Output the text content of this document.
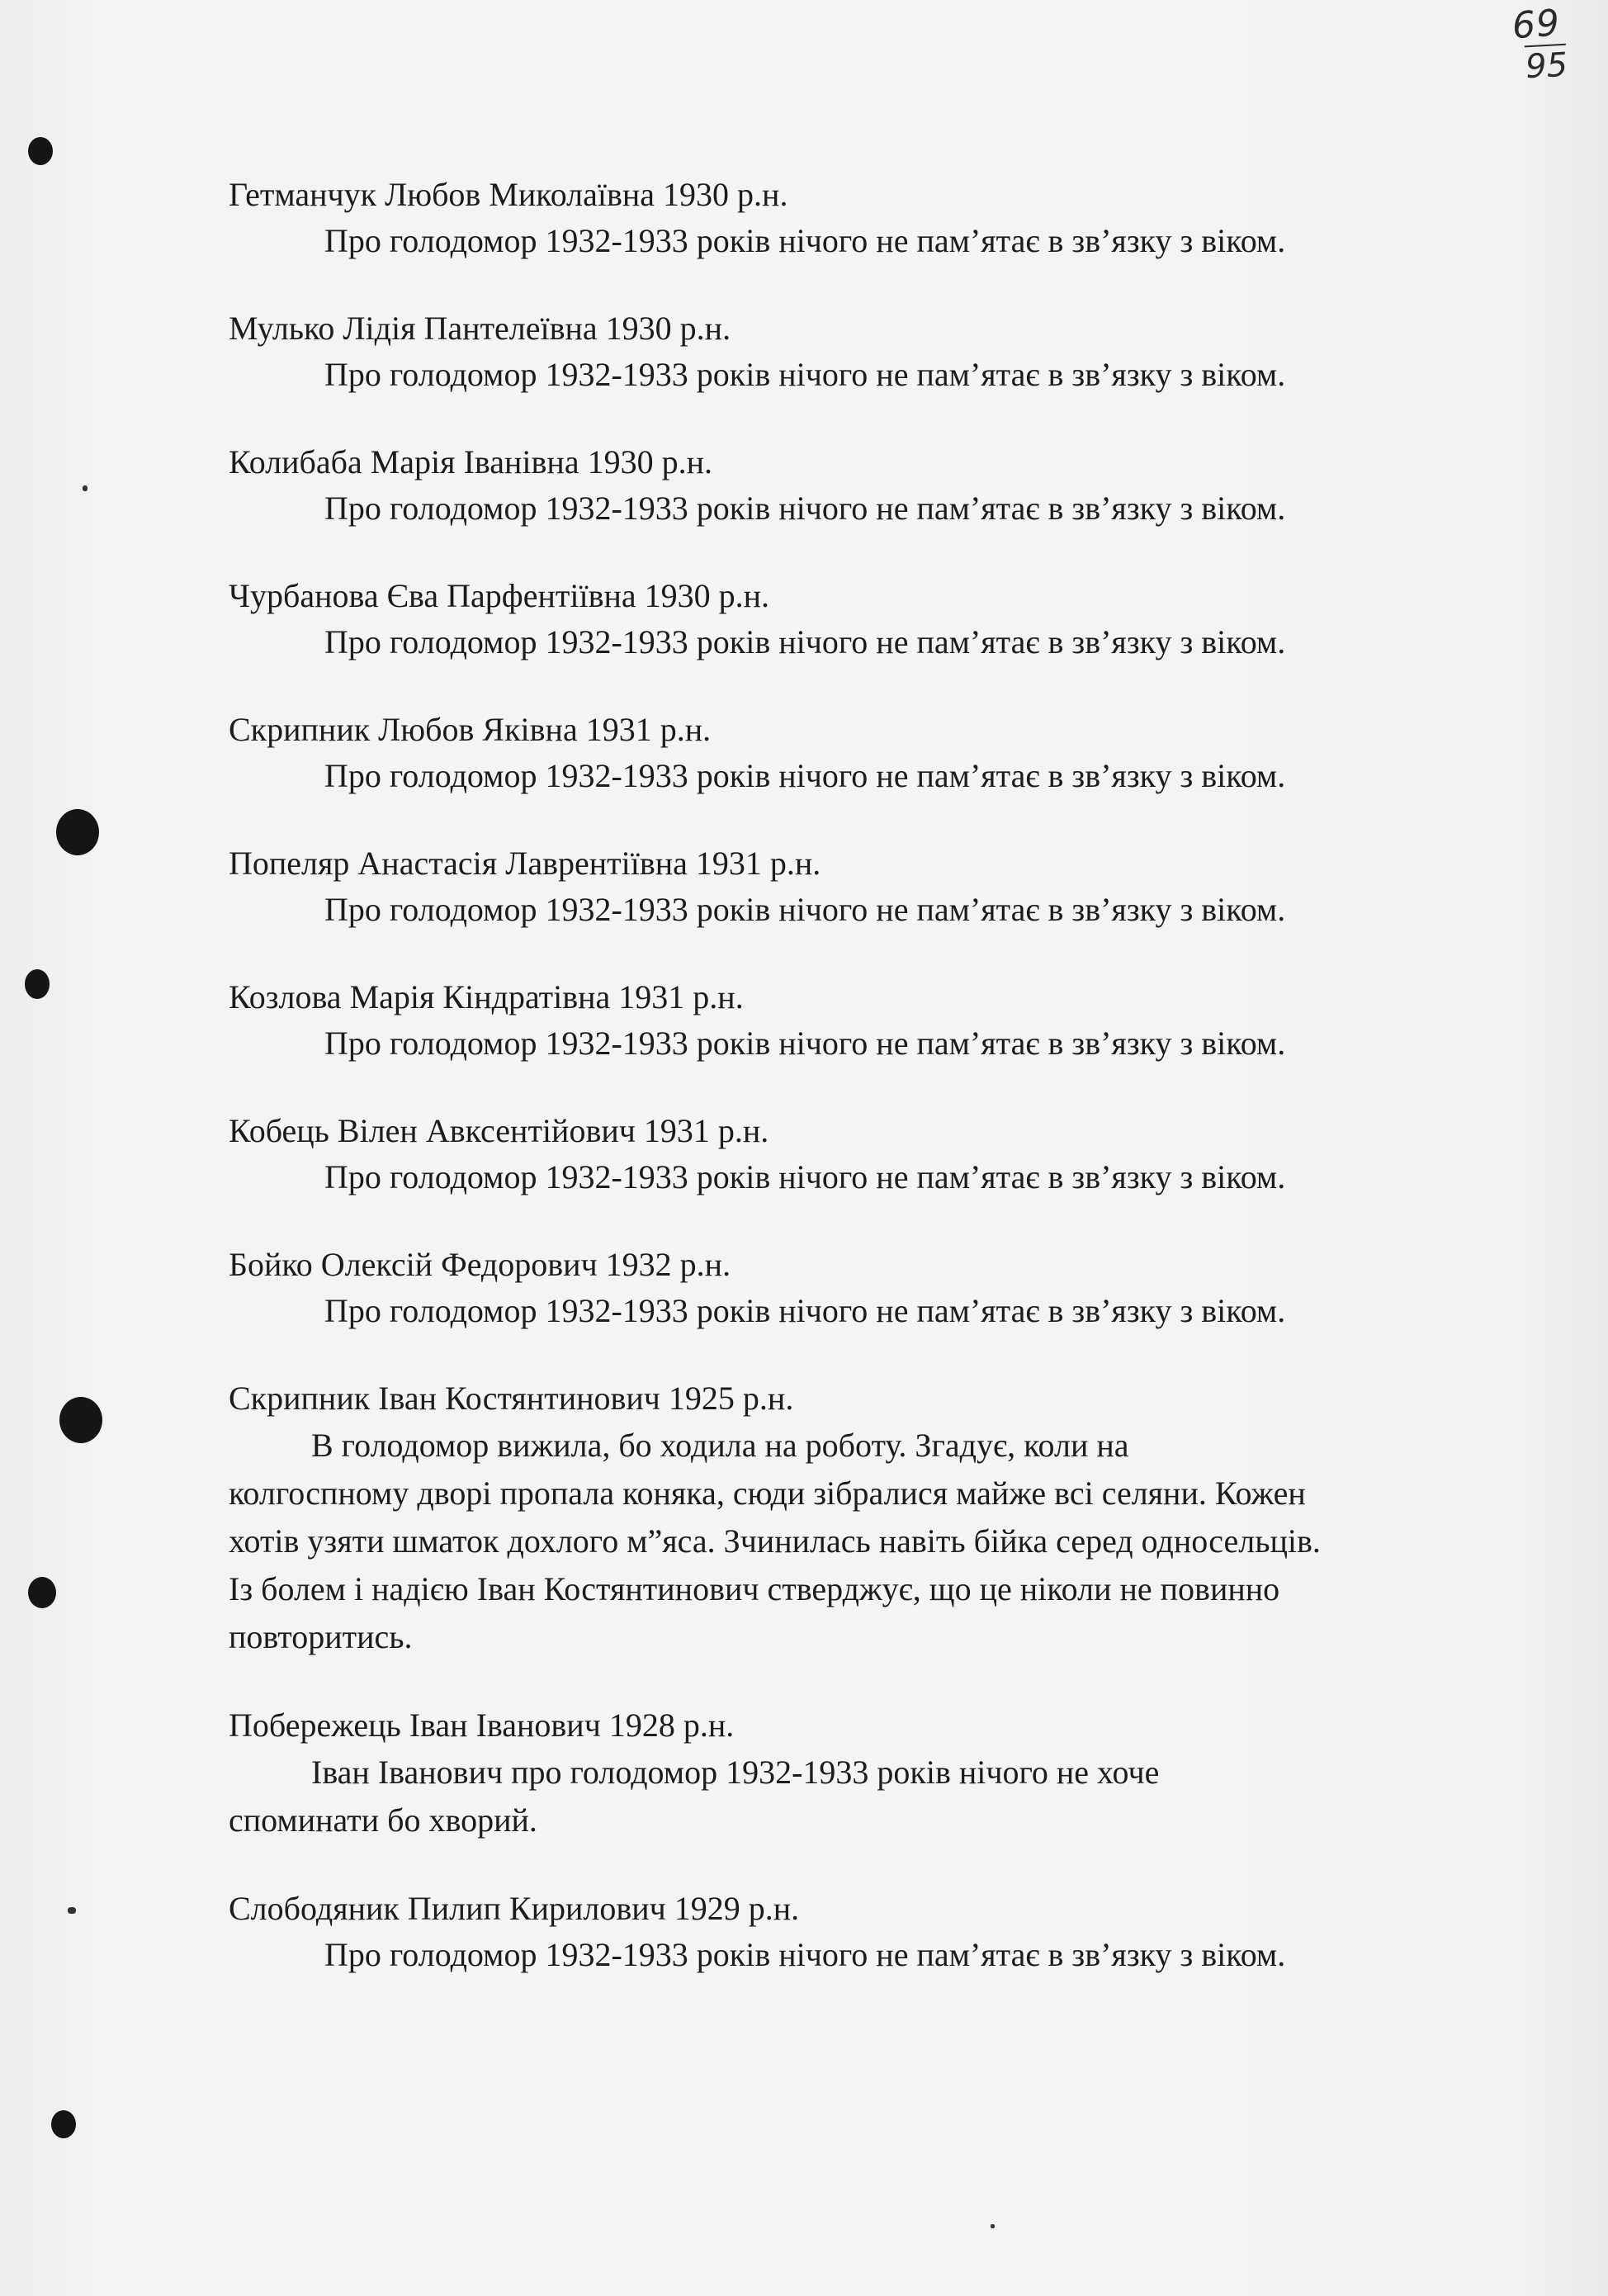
69
95
Гетманчук Любов Миколаївна 1930 р.н.
Про голодомор 1932-1933 років нічого не пам’ятає в зв’язку з віком.
Мулько Лідія Пантелеївна 1930 р.н.
Про голодомор 1932-1933 років нічого не пам’ятає в зв’язку з віком.
Колибаба Марія Іванівна 1930 р.н.
Про голодомор 1932-1933 років нічого не пам’ятає в зв’язку з віком.
Чурбанова Єва Парфентіївна 1930 р.н.
Про голодомор 1932-1933 років нічого не пам’ятає в зв’язку з віком.
Скрипник Любов Яківна 1931 р.н.
Про голодомор 1932-1933 років нічого не пам’ятає в зв’язку з віком.
Попеляр Анастасія Лаврентіївна 1931 р.н.
Про голодомор 1932-1933 років нічого не пам’ятає в зв’язку з віком.
Козлова Марія Кіндратівна 1931 р.н.
Про голодомор 1932-1933 років нічого не пам’ятає в зв’язку з віком.
Кобець Вілен Авксентійович 1931 р.н.
Про голодомор 1932-1933 років нічого не пам’ятає в зв’язку з віком.
Бойко Олексій Федорович 1932 р.н.
Про голодомор 1932-1933 років нічого не пам’ятає в зв’язку з віком.
Скрипник Іван Костянтинович 1925 р.н.
В голодомор вижила, бо ходила на роботу. Згадує, коли на
колгоспному дворі пропала коняка, сюди зібралися майже всі селяни. Кожен
хотів узяти шматок дохлого м”яса. Зчинилась навіть бійка серед односельців.
Із болем і надією Іван Костянтинович стверджує, що це ніколи не повинно
повторитись.
Побережець Іван Іванович 1928 р.н.
Іван Іванович про голодомор 1932-1933 років нічого не хоче
споминати бо хворий.
Слободяник Пилип Кирилович 1929 р.н.
Про голодомор 1932-1933 років нічого не пам’ятає в зв’язку з віком.
